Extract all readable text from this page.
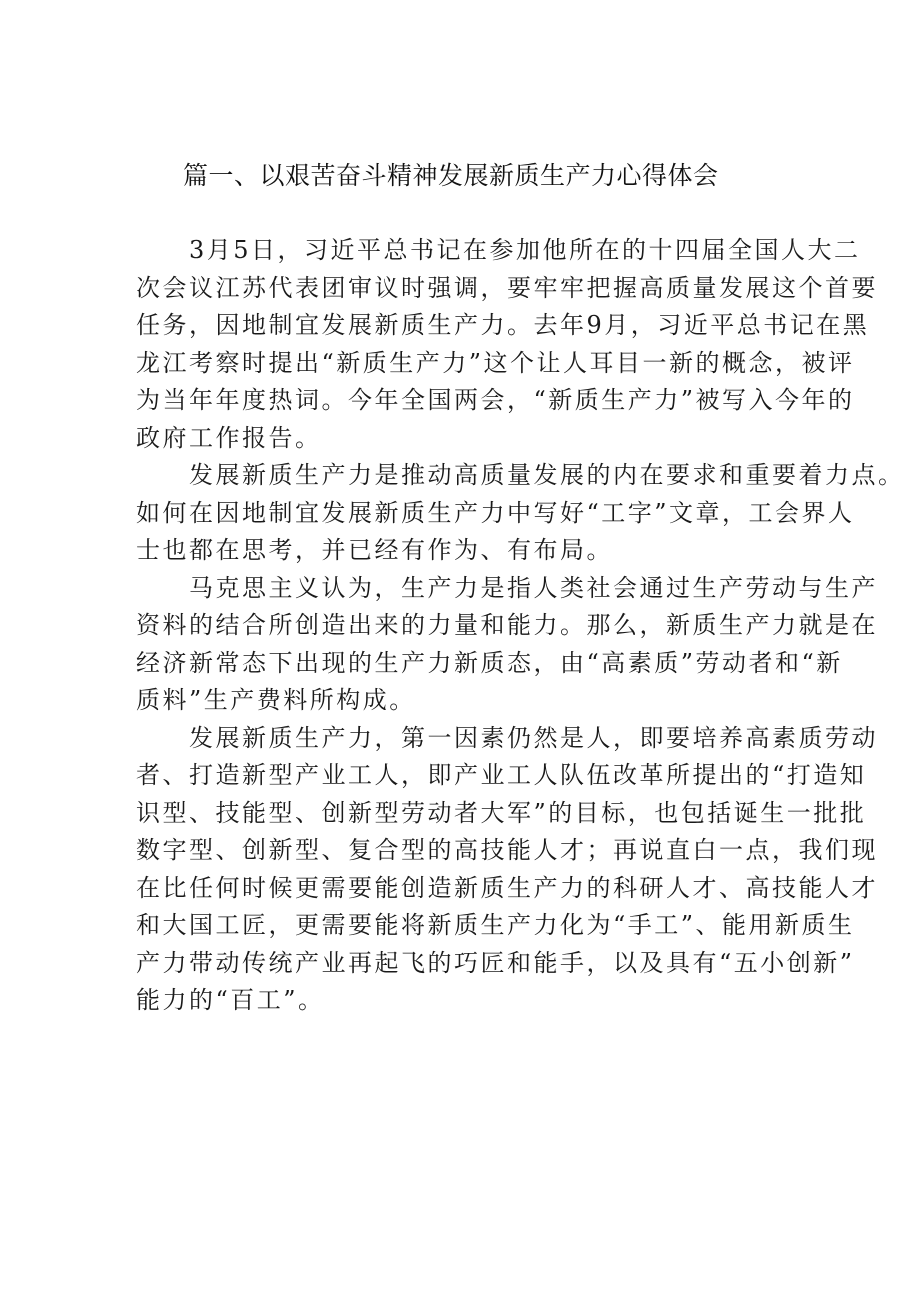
篇一、以艰苦奋斗精神发展新质生产力心得体会

　　3月5日，习近平总书记在参加他所在的十四届全国人大二
次会议江苏代表团审议时强调，要牢牢把握高质量发展这个首要
任务，因地制宜发展新质生产力。去年9月，习近平总书记在黑
龙江考察时提出“新质生产力”这个让人耳目一新的概念，被评
为当年年度热词。今年全国两会，“新质生产力”被写入今年的
政府工作报告。

　　发展新质生产力是推动高质量发展的内在要求和重要着力点。
如何在因地制宜发展新质生产力中写好“工字”文章，工会界人
士也都在思考，并已经有作为、有布局。

　　马克思主义认为，生产力是指人类社会通过生产劳动与生产
资料的结合所创造出来的力量和能力。那么，新质生产力就是在
经济新常态下出现的生产力新质态，由“高素质”劳动者和“新
质料”生产费料所构成。

　　发展新质生产力，第一因素仍然是人，即要培养高素质劳动
者、打造新型产业工人，即产业工人队伍改革所提出的“打造知
识型、技能型、创新型劳动者大军”的目标，也包括诞生一批批
数字型、创新型、复合型的高技能人才；再说直白一点，我们现
在比任何时候更需要能创造新质生产力的科研人才、高技能人才
和大国工匠，更需要能将新质生产力化为“手工”、能用新质生
产力带动传统产业再起飞的巧匠和能手，以及具有“五小创新”
能力的“百工”。
